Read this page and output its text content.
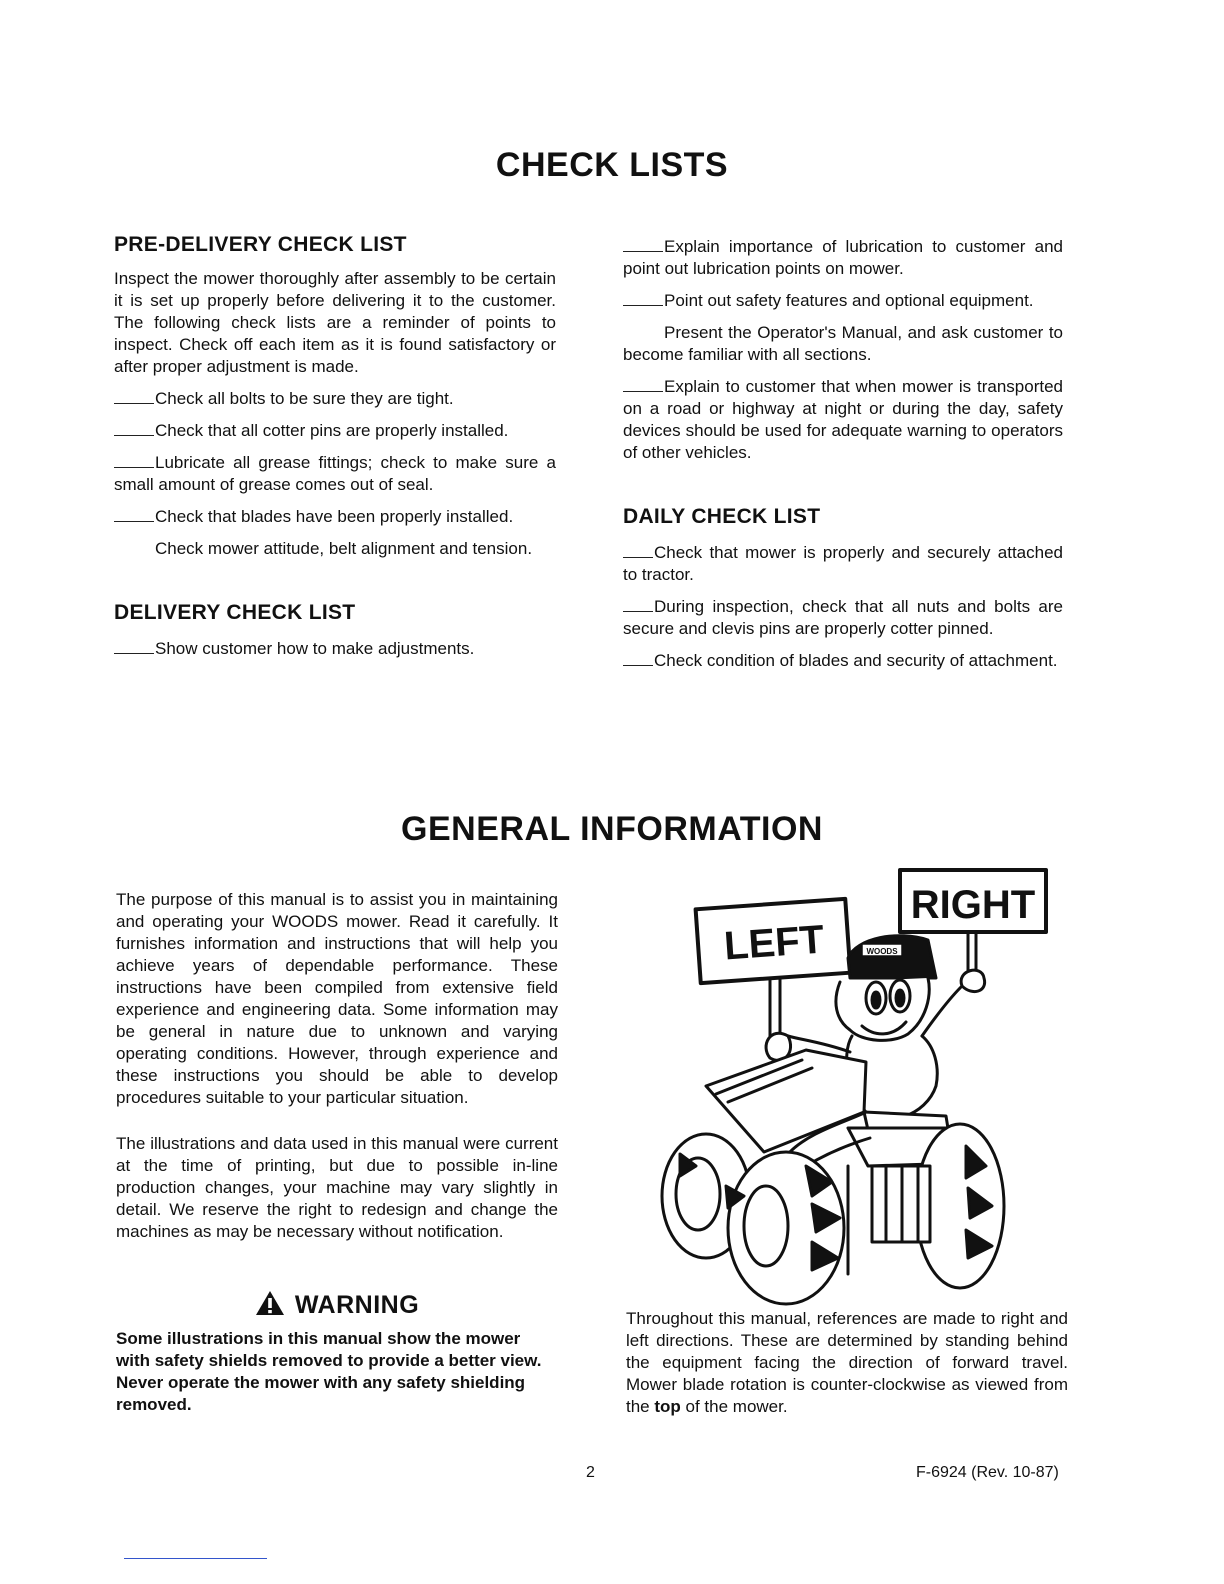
CHECK LISTS
PRE-DELIVERY CHECK LIST

Inspect the mower thoroughly after assembly to be certain it is set up properly before delivering it to the customer. The following check lists are a reminder of points to inspect. Check off each item as it is found satisfactory or after proper adjustment is made.

Check all bolts to be sure they are tight.

Check that all cotter pins are properly installed.

Lubricate all grease fittings; check to make sure a small amount of grease comes out of seal.

Check that blades have been properly installed.

Check mower attitude, belt alignment and tension.

DELIVERY CHECK LIST

Show customer how to make adjustments.

Explain importance of lubrication to customer and point out lubrication points on mower.

Point out safety features and optional equipment.

Present the Operator's Manual, and ask customer to become familiar with all sections.

Explain to customer that when mower is transported on a road or highway at night or during the day, safety devices should be used for adequate warning to operators of other vehicles.

DAILY CHECK LIST

Check that mower is properly and securely attached to tractor.

During inspection, check that all nuts and bolts are secure and clevis pins are properly cotter pinned.

Check condition of blades and security of attachment.

GENERAL INFORMATION

The purpose of this manual is to assist you in maintaining and operating your WOODS mower. Read it carefully. It furnishes information and instructions that will help you achieve years of dependable performance. These instructions have been compiled from extensive field experience and engineering data. Some information may be general in nature due to unknown and varying operating conditions. However, through experience and these instructions you should be able to develop procedures suitable to your particular situation.

The illustrations and data used in this manual were current at the time of printing, but due to possible in-line production changes, your machine may vary slightly in detail. We reserve the right to redesign and change the machines as may be necessary without notification.

WARNING
Some illustrations in this manual show the mower with safety shields removed to provide a better view. Never operate the mower with any safety shielding removed.
RIGHT
LEFT	WOODS

Throughout this manual, references are made to right and left directions. These are determined by standing behind the equipment facing the direction of forward travel. Mower blade rotation is counter-clockwise as viewed from the top of the mower.

2	F-6924 (Rev. 10-87)
